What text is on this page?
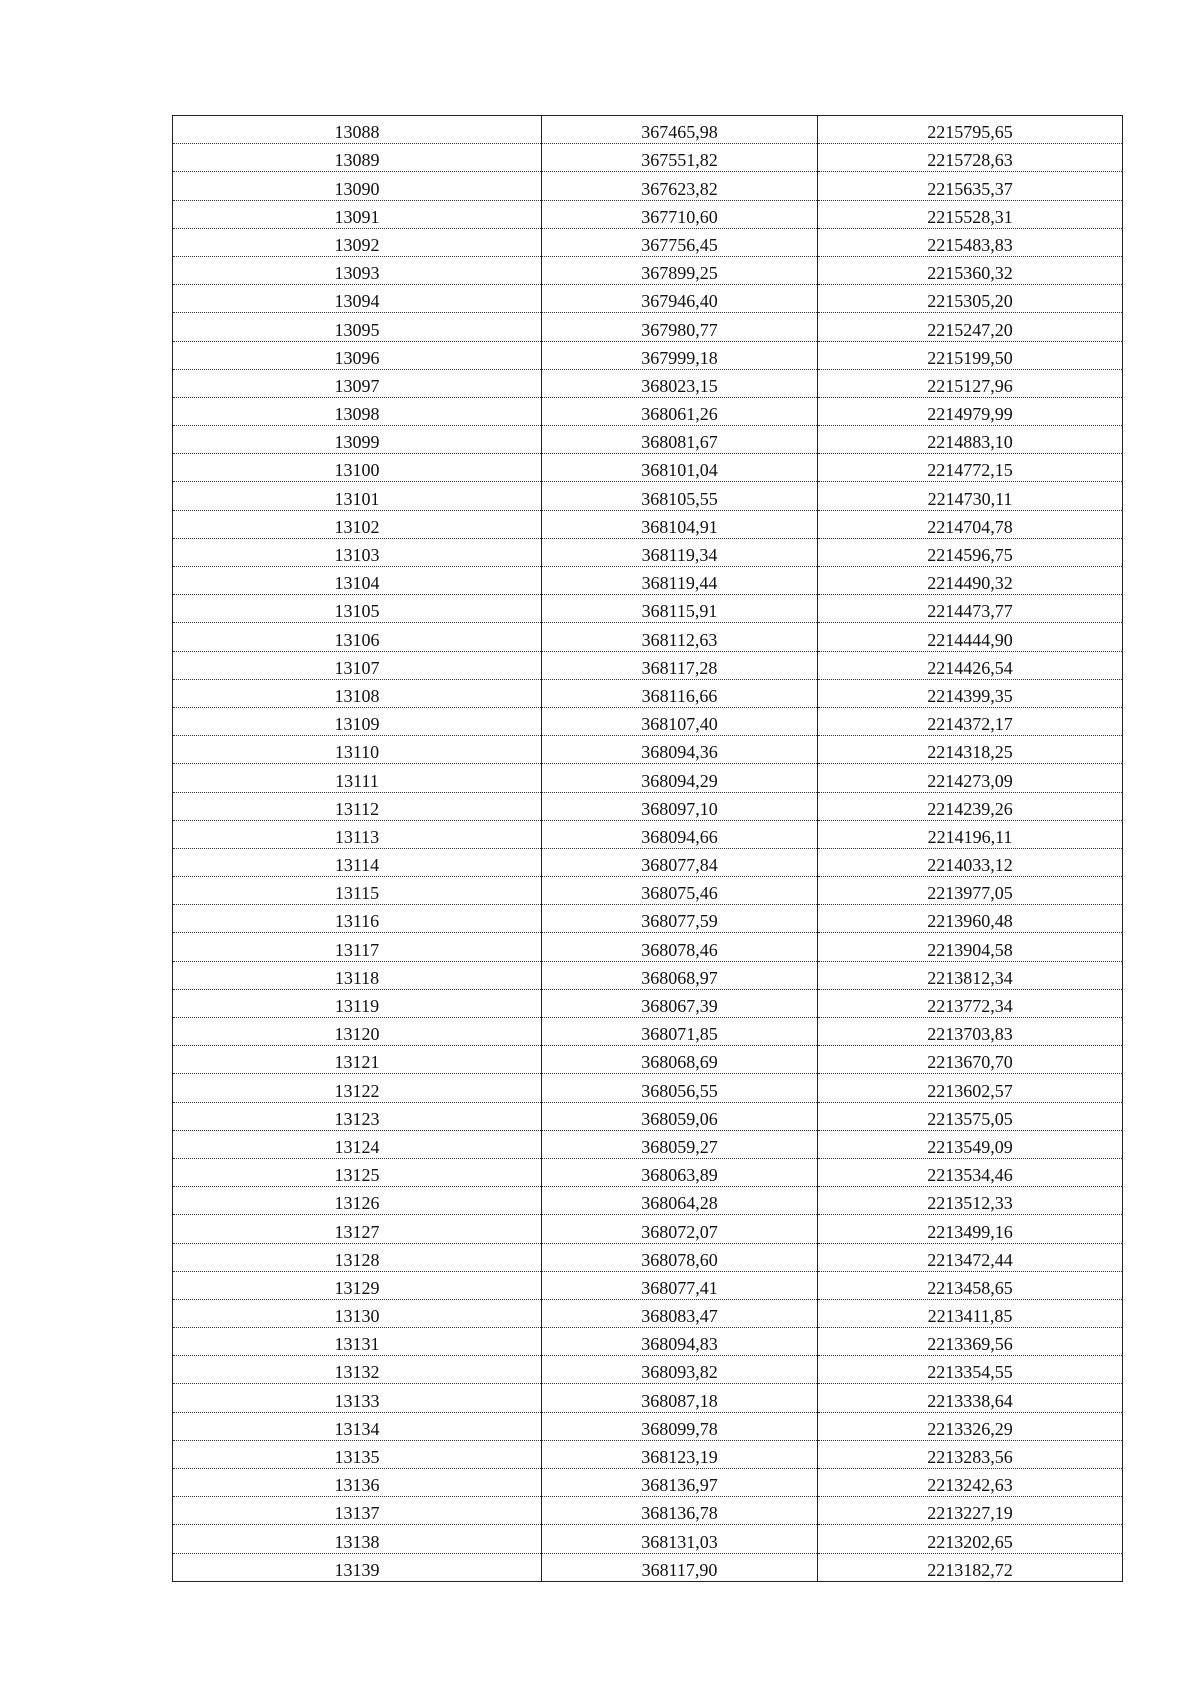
13088	367465,98	2215795,65
13089	367551,82	2215728,63
13090	367623,82	2215635,37
13091	367710,60	2215528,31
13092	367756,45	2215483,83
13093	367899,25	2215360,32
13094	367946,40	2215305,20
13095	367980,77	2215247,20
13096	367999,18	2215199,50
13097	368023,15	2215127,96
13098	368061,26	2214979,99
13099	368081,67	2214883,10
13100	368101,04	2214772,15
13101	368105,55	2214730,11
13102	368104,91	2214704,78
13103	368119,34	2214596,75
13104	368119,44	2214490,32
13105	368115,91	2214473,77
13106	368112,63	2214444,90
13107	368117,28	2214426,54
13108	368116,66	2214399,35
13109	368107,40	2214372,17
13110	368094,36	2214318,25
13111	368094,29	2214273,09
13112	368097,10	2214239,26
13113	368094,66	2214196,11
13114	368077,84	2214033,12
13115	368075,46	2213977,05
13116	368077,59	2213960,48
13117	368078,46	2213904,58
13118	368068,97	2213812,34
13119	368067,39	2213772,34
13120	368071,85	2213703,83
13121	368068,69	2213670,70
13122	368056,55	2213602,57
13123	368059,06	2213575,05
13124	368059,27	2213549,09
13125	368063,89	2213534,46
13126	368064,28	2213512,33
13127	368072,07	2213499,16
13128	368078,60	2213472,44
13129	368077,41	2213458,65
13130	368083,47	2213411,85
13131	368094,83	2213369,56
13132	368093,82	2213354,55
13133	368087,18	2213338,64
13134	368099,78	2213326,29
13135	368123,19	2213283,56
13136	368136,97	2213242,63
13137	368136,78	2213227,19
13138	368131,03	2213202,65
13139	368117,90	2213182,72
